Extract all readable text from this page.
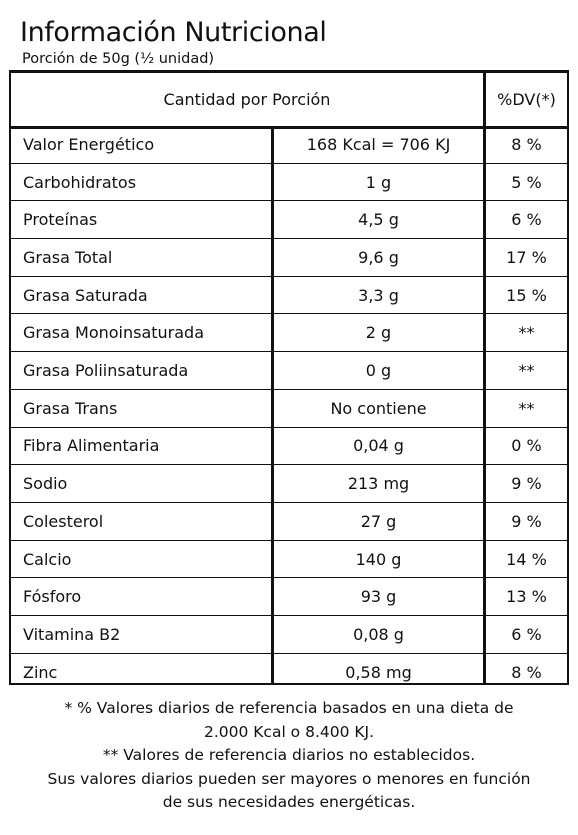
Información Nutricional
Porción de 50g (½ unidad)
Cantidad por Porción	%DV(*)
Valor Energético	168 Kcal = 706 KJ	8 %
Carbohidratos	1 g	5 %
Proteínas	4,5 g	6 %
Grasa Total	9,6 g	17 %
Grasa Saturada	3,3 g	15 %
Grasa Monoinsaturada	2 g	**
Grasa Poliinsaturada	0 g	**
Grasa Trans	No contiene	**
Fibra Alimentaria	0,04 g	0 %
Sodio	213 mg	9 %
Colesterol	27 g	9 %
Calcio	140 g	14 %
Fósforo	93 g	13 %
Vitamina B2	0,08 g	6 %
Zinc	0,58 mg	8 %
* % Valores diarios de referencia basados en una dieta de
2.000 Kcal o 8.400 KJ.
** Valores de referencia diarios no establecidos.
Sus valores diarios pueden ser mayores o menores en función
de sus necesidades energéticas.
